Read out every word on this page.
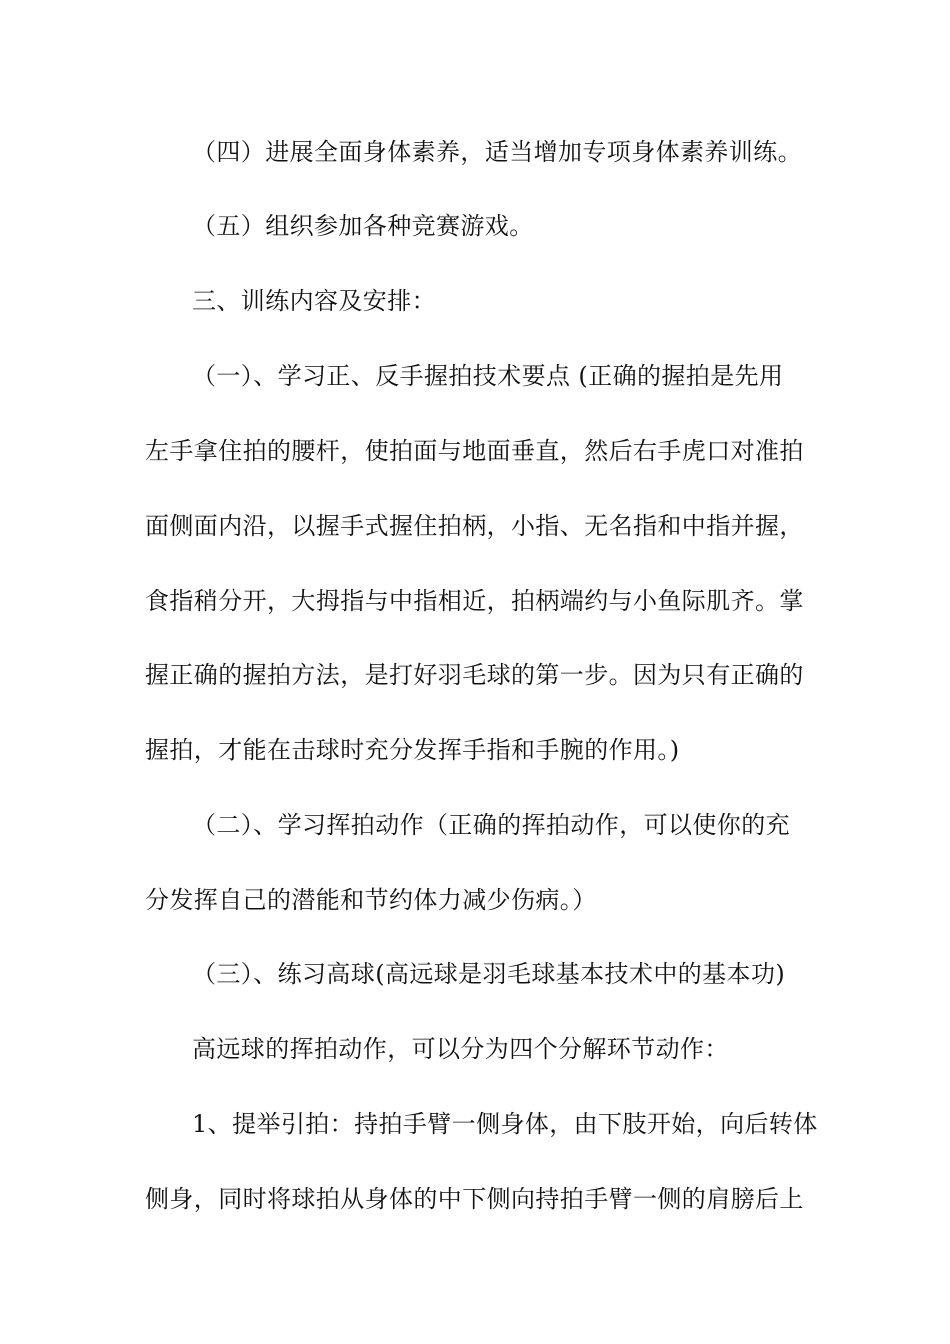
（四）进展全面身体素养，适当增加专项身体素养训练。
（五）组织参加各种竞赛游戏。
三、训练内容及安排：
（一）、学习正、反手握拍技术要点 (正确的握拍是先用
左手拿住拍的腰杆，使拍面与地面垂直，然后右手虎口对准拍
面侧面内沿，以握手式握住拍柄，小指、无名指和中指并握，
食指稍分开，大拇指与中指相近，拍柄端约与小鱼际肌齐。掌
握正确的握拍方法，是打好羽毛球的第一步。因为只有正确的
握拍，才能在击球时充分发挥手指和手腕的作用。)
（二）、学习挥拍动作（正确的挥拍动作，可以使你的充
分发挥自己的潜能和节约体力减少伤病。）
（三）、练习高球(高远球是羽毛球基本技术中的基本功)
高远球的挥拍动作，可以分为四个分解环节动作：
1、提举引拍：持拍手臂一侧身体，由下肢开始，向后转体
侧身，同时将球拍从身体的中下侧向持拍手臂一侧的肩膀后上
